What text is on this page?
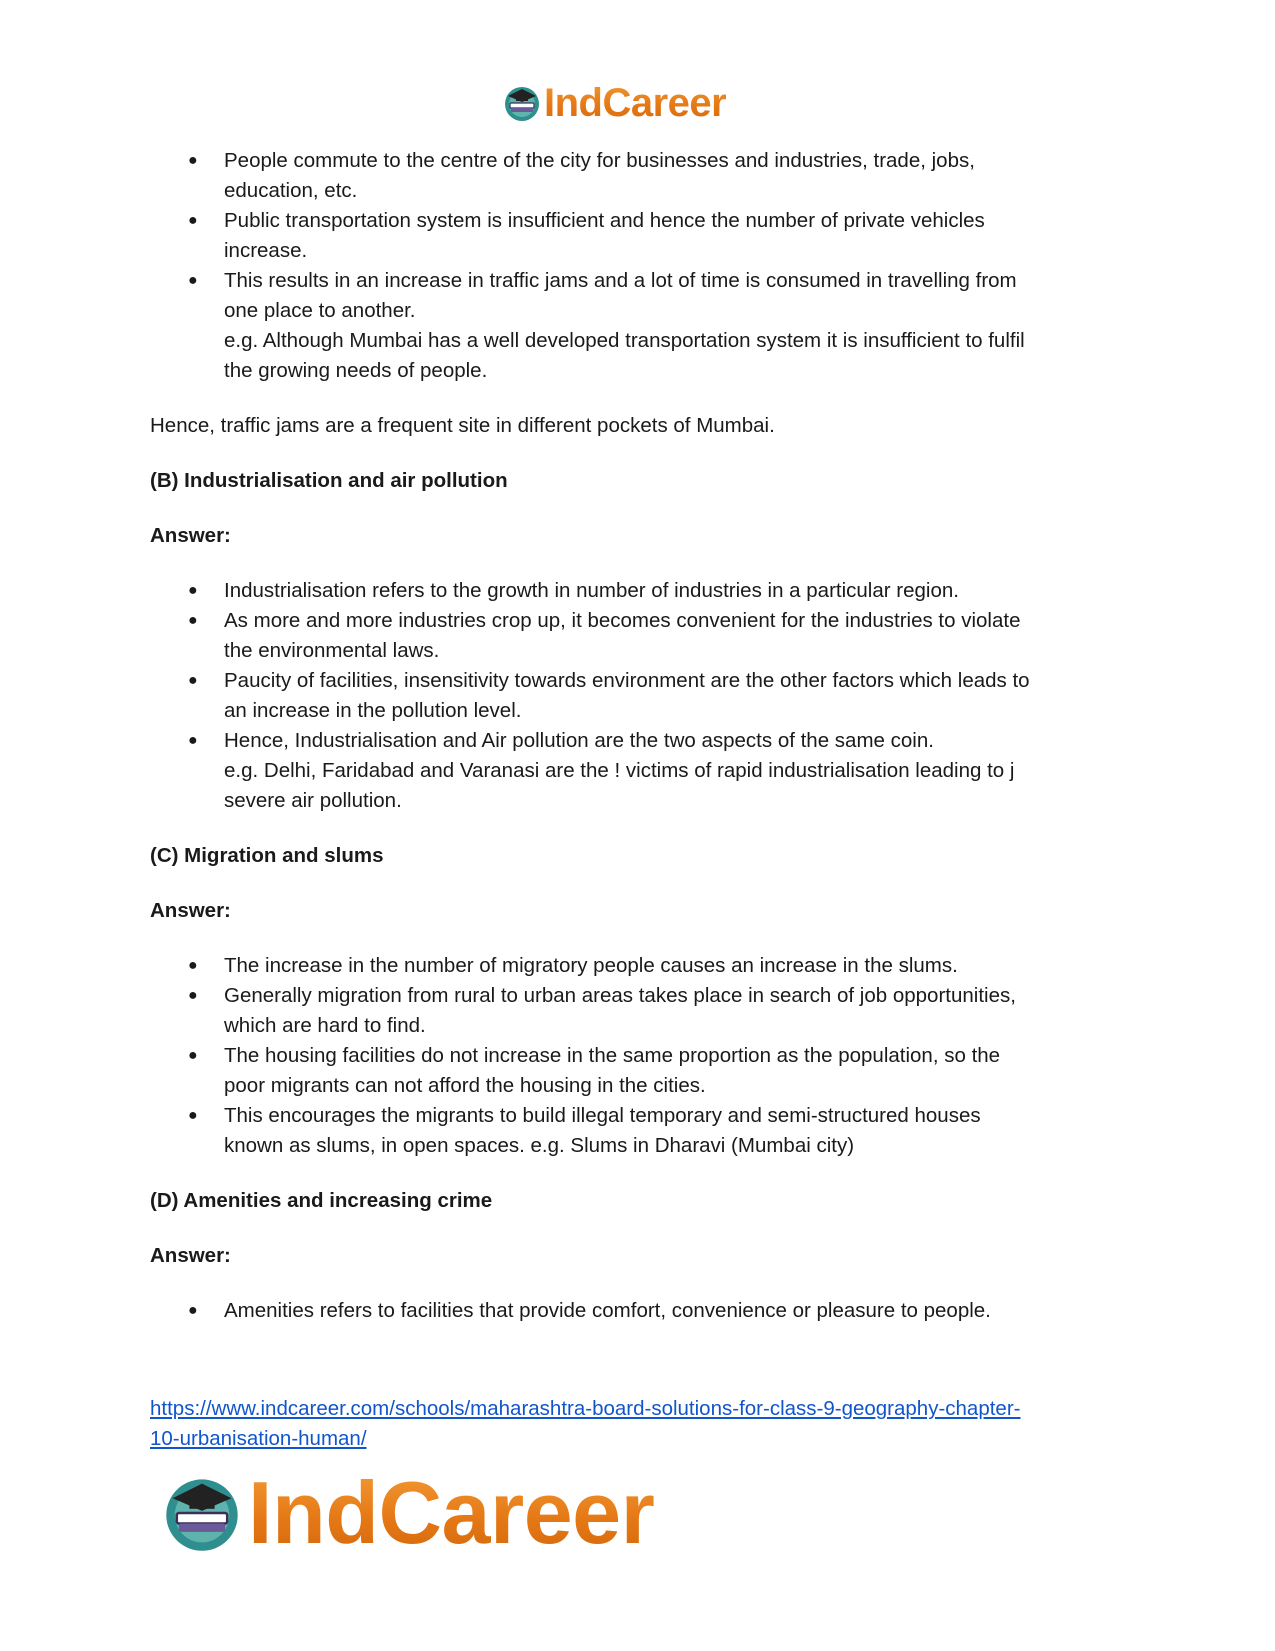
IndCareer
● People commute to the centre of the city for businesses and industries, trade, jobs,
education, etc.
● Public transportation system is insufficient and hence the number of private vehicles
increase.
● This results in an increase in traffic jams and a lot of time is consumed in travelling from
one place to another.
e.g. Although Mumbai has a well developed transportation system it is insufficient to fulfil
the growing needs of people.

Hence, traffic jams are a frequent site in different pockets of Mumbai.

(B) Industrialisation and air pollution

Answer:

● Industrialisation refers to the growth in number of industries in a particular region.
● As more and more industries crop up, it becomes convenient for the industries to violate
the environmental laws.
● Paucity of facilities, insensitivity towards environment are the other factors which leads to
an increase in the pollution level.
● Hence, Industrialisation and Air pollution are the two aspects of the same coin.
e.g. Delhi, Faridabad and Varanasi are the ! victims of rapid industrialisation leading to j
severe air pollution.

(C) Migration and slums

Answer:

● The increase in the number of migratory people causes an increase in the slums.
● Generally migration from rural to urban areas takes place in search of job opportunities,
which are hard to find.
● The housing facilities do not increase in the same proportion as the population, so the
poor migrants can not afford the housing in the cities.
● This encourages the migrants to build illegal temporary and semi-structured houses
known as slums, in open spaces. e.g. Slums in Dharavi (Mumbai city)

(D) Amenities and increasing crime

Answer:

● Amenities refers to facilities that provide comfort, convenience or pleasure to people.
https://www.indcareer.com/schools/maharashtra-board-solutions-for-class-9-geography-chapter-
10-urbanisation-human/
IndCareer
